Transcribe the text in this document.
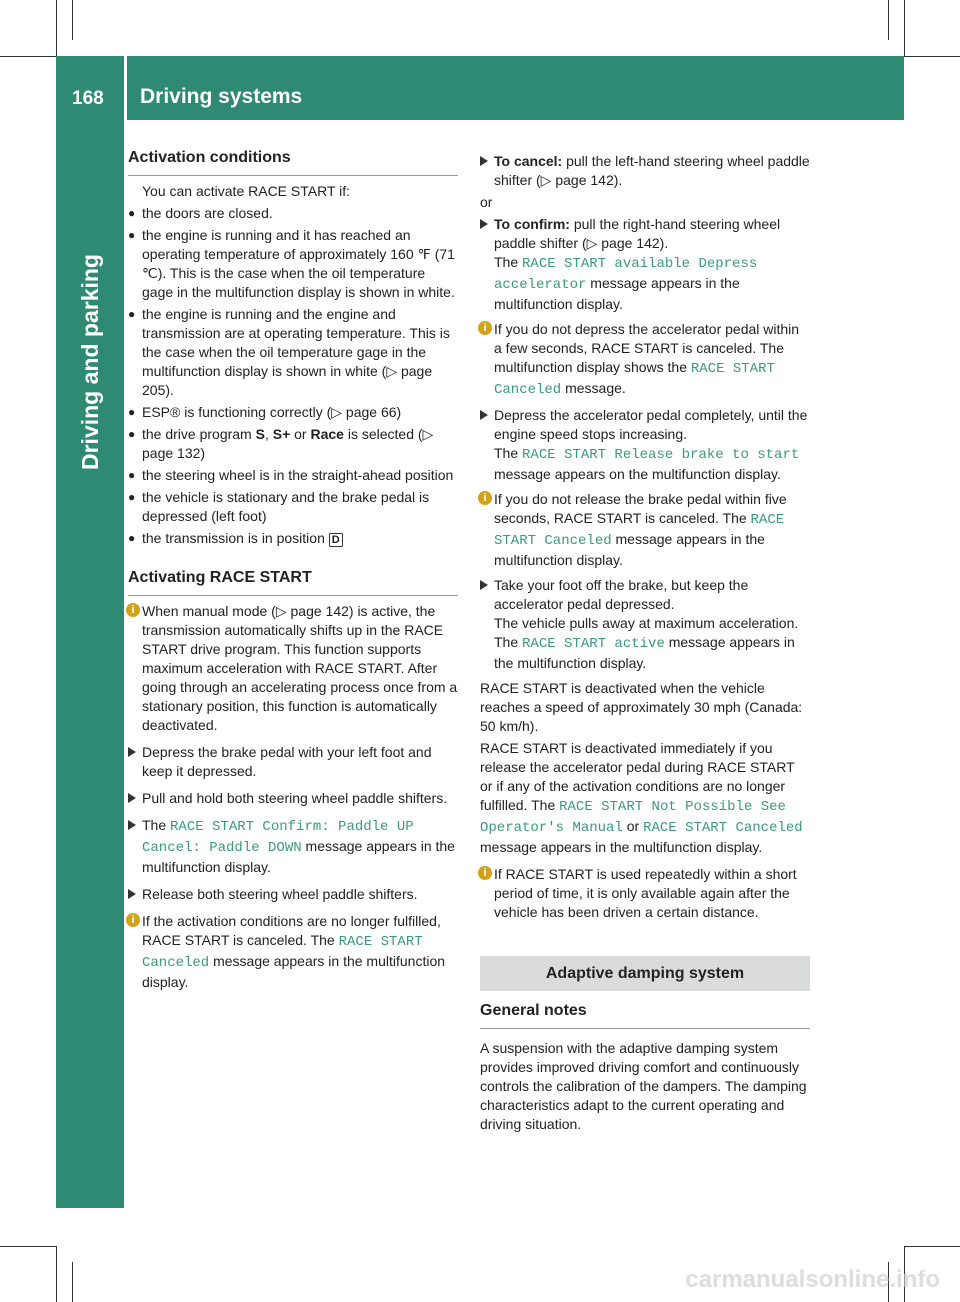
168 Driving systems
Driving and parking
Activation conditions
You can activate RACE START if:
● the doors are closed.
● the engine is running and it has reached an operating temperature of approximately 160 ℉ (71 ℃). This is the case when the oil temperature gage in the multifunction display is shown in white.
● the engine is running and the engine and transmission are at operating temperature. This is the case when the oil temperature gage in the multifunction display is shown in white (▷ page 205).
● ESP® is functioning correctly (▷ page 66)
● the drive program S, S+ or Race is selected (▷ page 132)
● the steering wheel is in the straight-ahead position
● the vehicle is stationary and the brake pedal is depressed (left foot)
● the transmission is in position D
Activating RACE START
i When manual mode (▷ page 142) is active, the transmission automatically shifts up in the RACE START drive program. This function supports maximum acceleration with RACE START. After going through an accelerating process once from a stationary position, this function is automatically deactivated.
Depress the brake pedal with your left foot and keep it depressed.
Pull and hold both steering wheel paddle shifters.
The RACE START Confirm: Paddle UP Cancel: Paddle DOWN message appears in the multifunction display.
Release both steering wheel paddle shifters.
i If the activation conditions are no longer fulfilled, RACE START is canceled. The RACE START Canceled message appears in the multifunction display.
To cancel: pull the left-hand steering wheel paddle shifter (▷ page 142).
or
To confirm: pull the right-hand steering wheel paddle shifter (▷ page 142).
The RACE START available Depress accelerator message appears in the multifunction display.
i If you do not depress the accelerator pedal within a few seconds, RACE START is canceled. The multifunction display shows the RACE START Canceled message.
Depress the accelerator pedal completely, until the engine speed stops increasing.
The RACE START Release brake to start message appears on the multifunction display.
i If you do not release the brake pedal within five seconds, RACE START is canceled. The RACE START Canceled message appears in the multifunction display.
Take your foot off the brake, but keep the accelerator pedal depressed.
The vehicle pulls away at maximum acceleration.
The RACE START active message appears in the multifunction display.
RACE START is deactivated when the vehicle reaches a speed of approximately 30 mph (Canada: 50 km/h).
RACE START is deactivated immediately if you release the accelerator pedal during RACE START or if any of the activation conditions are no longer fulfilled. The RACE START Not Possible See Operator's Manual or RACE START Canceled message appears in the multifunction display.
i If RACE START is used repeatedly within a short period of time, it is only available again after the vehicle has been driven a certain distance.
Adaptive damping system
General notes
A suspension with the adaptive damping system provides improved driving comfort and continuously controls the calibration of the dampers. The damping characteristics adapt to the current operating and driving situation.
carmanualsonline.info
